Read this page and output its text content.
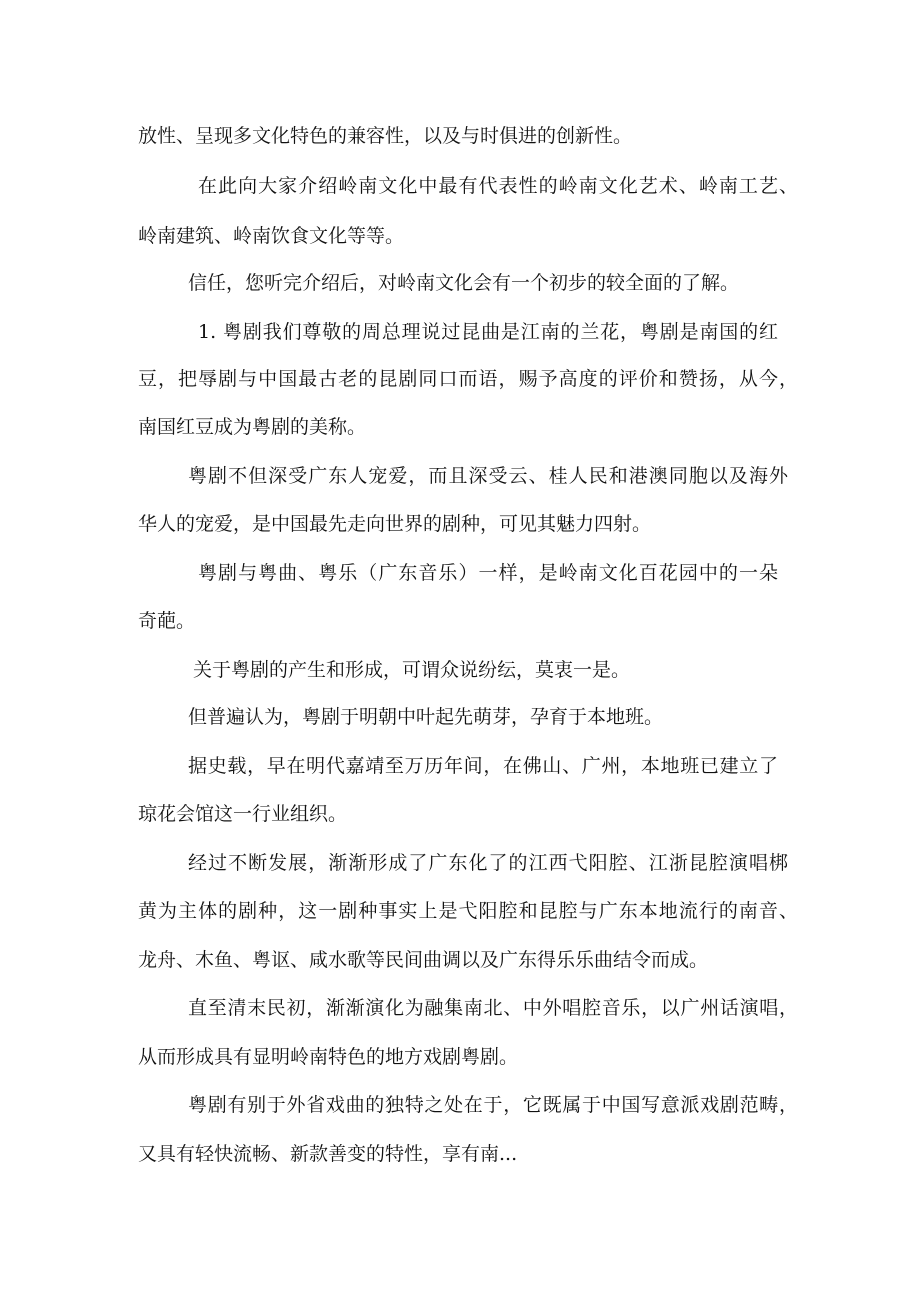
放性、呈现多文化特色的兼容性，以及与时俱进的创新性。
在此向大家介绍岭南文化中最有代表性的岭南文化艺术、岭南工艺、
岭南建筑、岭南饮食文化等等。
信任，您听完介绍后，对岭南文化会有一个初步的较全面的了解。
1. 粤剧我们尊敬的周总理说过昆曲是江南的兰花，粤剧是南国的红
豆，把辱剧与中国最古老的昆剧同口而语，赐予高度的评价和赞扬，从今，
南国红豆成为粤剧的美称。
粤剧不但深受广东人宠爱，而且深受云、桂人民和港澳同胞以及海外
华人的宠爱，是中国最先走向世界的剧种，可见其魅力四射。
粤剧与粤曲、粤乐（广东音乐）一样，是岭南文化百花园中的一朵
奇葩。
关于粤剧的产生和形成，可谓众说纷纭，莫衷一是。
但普遍认为，粤剧于明朝中叶起先萌芽，孕育于本地班。
据史载，早在明代嘉靖至万历年间，在佛山、广州，本地班已建立了
琼花会馆这一行业组织。
经过不断发展，渐渐形成了广东化了的江西弋阳腔、江浙昆腔演唱梆
黄为主体的剧种，这一剧种事实上是弋阳腔和昆腔与广东本地流行的南音、
龙舟、木鱼、粤讴、咸水歌等民间曲调以及广东得乐乐曲结令而成。
直至清末民初，渐渐演化为融集南北、中外唱腔音乐，以广州话演唱，
从而形成具有显明岭南特色的地方戏剧粤剧。
粤剧有别于外省戏曲的独特之处在于，它既属于中国写意派戏剧范畴，
又具有轻快流畅、新款善变的特性，享有南...
